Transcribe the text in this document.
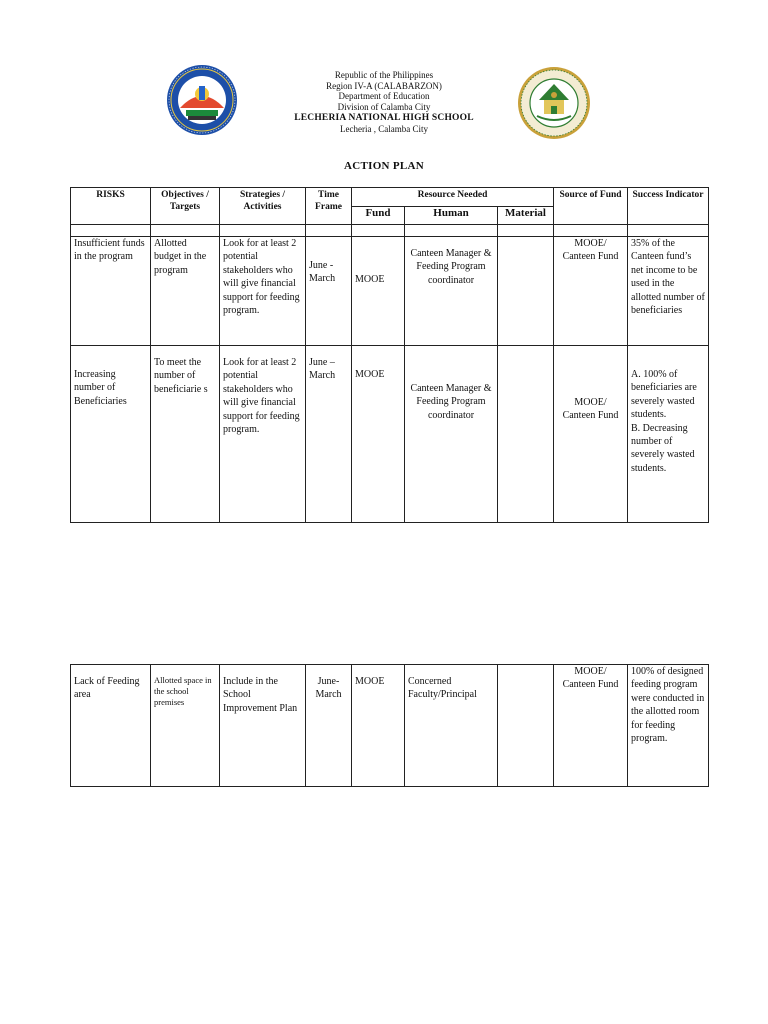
Republic of the Philippines
Region IV-A (CALABARZON)
Department of Education
Division of Calamba City
LECHERIA NATIONAL HIGH SCHOOL
Lecheria , Calamba City
ACTION PLAN
RISKS	Objectives / Targets	Strategies / Activities	Time Frame	Resource Needed			Source of Fund	Success Indicator
				Fund	Human	Material		

Insufficient funds in the program	Allotted budget in the program	Look for at least 2 potential stakeholders who will give financial support for feeding program.	June - March	MOOE	Canteen Manager & Feeding Program coordinator		MOOE/ Canteen Fund	35% of the Canteen fund’s net income to be used in the allotted number of beneficiaries
Increasing number of Beneficiaries	To meet the number of beneficiarie s	Look for at least 2 potential stakeholders who will give financial support for feeding program.	June – March	MOOE	Canteen Manager & Feeding Program coordinator		MOOE/ Canteen Fund	A. 100% of beneficiaries are severely wasted students.
B. Decreasing number of severely wasted students.
Lack of Feeding area	Allotted space in the school premises	Include in the School Improvement Plan	June- March	MOOE	Concerned Faculty/Principal		MOOE/ Canteen Fund	100% of designed feeding program were conducted in the allotted room for feeding program.
